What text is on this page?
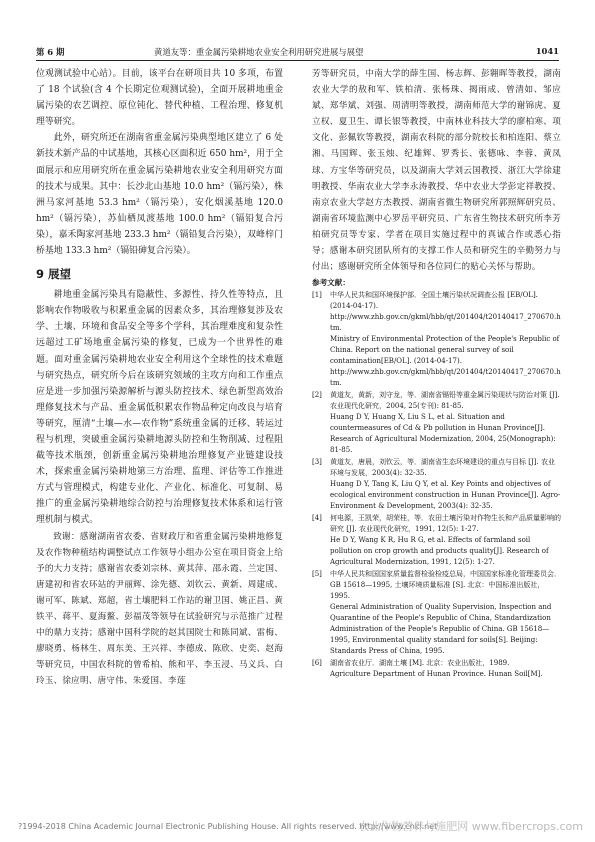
第 6 期	黄道友等：重金属污染耕地农业安全利用研究进展与展望	1041

位观测试验中心站）。目前，该平台在研项目共 10 多项，布置了 18 个试验(含 4 个长期定位观测试验)，全面开展耕地重金属污染的农艺调控、原位钝化、替代种植、工程治理、修复机理等研究。

此外，研究所还在湖南省重金属污染典型地区建立了 6 处新技术新产品的中试基地，其核心区面积近 650 hm²，用于全面展示和应用研究所在重金属污染耕地农业安全利用研究方面的技术与成果。其中：长沙北山基地 10.0 hm²（镉污染），株洲马家河基地 53.3 hm²（镉污染），安化烟溪基地 120.0 hm²（镉污染），苏仙栖凤渡基地 100.0 hm²（镉铅复合污染），嘉禾陶家河基地 233.3 hm²（镉铅复合污染），双峰梓门桥基地 133.3 hm²（镉铅砷复合污染）。

9 展望

耕地重金属污染具有隐蔽性、多源性、持久性等特点，且影响农作物吸收与积累重金属的因素众多，其治理修复涉及农学、土壤、环境和食品安全等多个学科，其治理难度和复杂性远超过工矿场地重金属污染的修复，已成为一个世界性的难题。面对重金属污染耕地农业安全利用这个全球性的技术难题与研究热点，研究所今后在该研究领域的主攻方向和工作重点应是进一步加强污染源解析与源头防控技术、绿色新型高效治理修复技术与产品、重金属低积累农作物品种定向改良与培育等研究，厘清“土壤—水—农作物”系统重金属的迁移、转运过程与机理，突破重金属污染耕地源头防控和生物削减、过程阻截等技术瓶颈，创新重金属污染耕地治理修复产业链建设技术，探索重金属污染耕地第三方治理、监理、评估等工作推进方式与管理模式，构建专业化、产业化、标准化、可复制、易推广的重金属污染耕地综合防控与治理修复技术体系和运行管理机制与模式。

致谢：感谢湖南省农委、省财政厅和省重金属污染耕地修复及农作物种植结构调整试点工作领导小组办公室在项目资金上给予的大力支持；感谢省农委刘宗林、黄其萍、邵永霞、兰定国、唐建初和省农环站的尹丽辉、涂先德、刘钦云、黄新、周建成、谢可军、陈斌、郑超，省土壤肥料工作站的谢卫国、姚正昌、黄铁平、蒋平、夏海鳌、彭福茂等领导在试验研究与示范推广过程中的鼎力支持；感谢中国科学院的赵其国院士和陈同斌、雷梅、廖晓勇、杨林生、周东美、王兴祥、李德成、陈欣、史奕、赵海等研究员，中国农科院的曾希柏、熊和平、李玉浸、马义兵、白玲玉、徐应明、唐守伟、朱爱国、李莲

芳等研究员，中南大学的薛生国、杨志辉、彭翱晖等教授，湖南农业大学的敖和军、铁柏清、张杨珠、揭雨成、曾清如、邹应斌、郑华斌、刘强、周清明等教授，湖南师范大学的谢锦虎、夏立权、夏卫生、谭长银等教授，中南林业科技大学的廖柏寒、项文化、彭佩钦等教授，湖南农科院的部分院校长和柏连阳、蔡立湘、马国辉、张玉烛、纪雄辉、罗秀长、张德咏、李蓉、黄凤球、方宝华等研究员，以及湖南大学刘云国教授、浙江大学徐建明教授、华南农业大学李永涛教授、华中农业大学彭定祥教授、南京农业大学赵方杰教授、湖南省微生物研究所郭照辉研究员、湖南省环境监测中心罗岳平研究员、广东省生物技术研究所李芳柏研究员等专家、学者在项目实施过程中的真诚合作或悉心指导；感谢本研究团队所有的支撑工作人员和研究生的辛勤努力与付出；感谢研究所全体领导和各位同仁的贴心关怀与帮助。

参考文献：
[1] 中华人民共和国环境保护部．全国土壤污染状况调查公报 [EB/OL]. (2014-04-17). http://www.zhb.gov.cn/gkml/hbb/qt/201404/t20140417_270670.htm.
Ministry of Environmental Protection of the People's Republic of China. Report on the national general survey of soil contamination[EB/OL]. (2014-04-17). http://www.zhb.gov.cn/gkml/hbb/qt/201404/t20140417_270670.htm.
[2] 黄道友，黄新，刘守龙，等．湖南省镉铅等重金属污染现状与防治对策 [J]. 农业现代化研究，2004, 25(专刊): 81-85.
Huang D Y, Huang X, Liu S L, et al. Situation and countermeasures of Cd & Pb pollution in Hunan Province[J]. Research of Agricultural Modernization, 2004, 25(Monograph): 81-85.
[3] 黄道友，唐晨，刘钦云，等．湖南省生态环境建设的重点与目标 [J]. 农业环境与发展，2003(4): 32-35.
Huang D Y, Tang K, Liu Q Y, et al. Key Points and objectives of ecological environment construction in Hunan Province[J]. Agro-Environment & Development, 2003(4): 32-35.
[4] 何电源，王凯荣，胡荣桂，等．农田土壤污染对作物生长和产品质量影响的研究 [J]. 农业现代化研究，1991, 12(5): 1-27.
He D Y, Wang K R, Hu R G, et al. Effects of farmland soil pollution on crop growth and products quality[J]. Research of Agricultural Modernization, 1991, 12(5): 1-27.
[5] 中华人民共和国国家质量监督检验检疫总局，中国国家标准化管理委员会．GB 15618—1995, 土壤环境质量标准 [S]. 北京：中国标准出版社，1995.
General Administration of Quality Supervision, Inspection and Quarantine of the People's Republic of China, Standardization Administration of the People's Republic of China. GB 15618—1995, Environmental quality standard for soils[S]. Beijing: Standards Press of China, 1995.
[6] 湖南省农业厅．湖南土壤 [M]. 北京：农业出版社，1989.
Agriculture Department of Hunan Province. Hunan Soil[M].
?1994-2018 China Academic Journal Electronic Publishing House. All rights reserved. http://www.cnki.net
农业作物营养与施肥网 www.fibercrops.com
